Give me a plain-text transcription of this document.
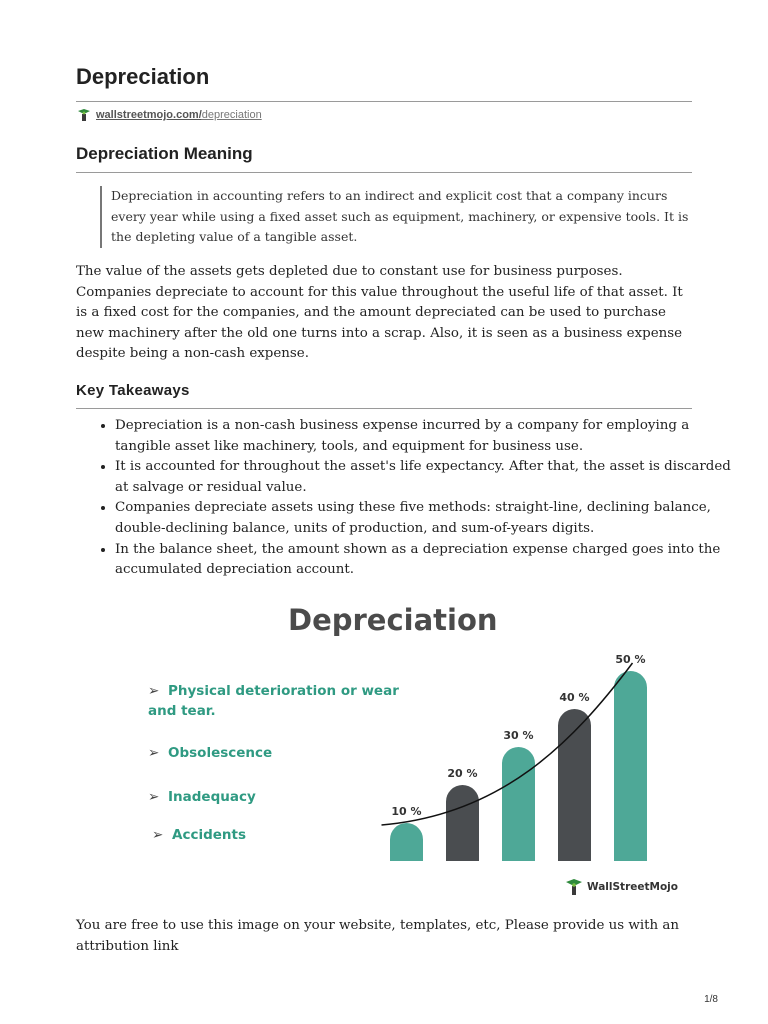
Depreciation
wallstreetmojo.com/ depreciation
Depreciation Meaning
Depreciation in accounting refers to an indirect and explicit cost that a company incurs every year while using a fixed asset such as equipment, machinery, or expensive tools. It is the depleting value of a tangible asset.

The value of the assets gets depleted due to constant use for business purposes. Companies depreciate to account for this value throughout the useful life of that asset. It is a fixed cost for the companies, and the amount depreciated can be used to purchase new machinery after the old one turns into a scrap. Also, it is seen as a business expense despite being a non-cash expense.

Key Takeaways
• Depreciation is a non-cash business expense incurred by a company for employing a tangible asset like machinery, tools, and equipment for business use.
• It is accounted for throughout the asset's life expectancy. After that, the asset is discarded at salvage or residual value.
• Companies depreciate assets using these five methods: straight-line, declining balance, double-declining balance, units of production, and sum-of-years digits.
• In the balance sheet, the amount shown as a depreciation expense charged goes into the accumulated depreciation account.
Depreciation
➢ Physical deterioration or wear and tear.
➢ Obsolescence
➢ Inadequacy
➢ Accidents
10 %
20 %
30 %
40 %
50 %
WallStreetMojo

You are free to use this image on your website, templates, etc, Please provide us with an attribution link

1/8
